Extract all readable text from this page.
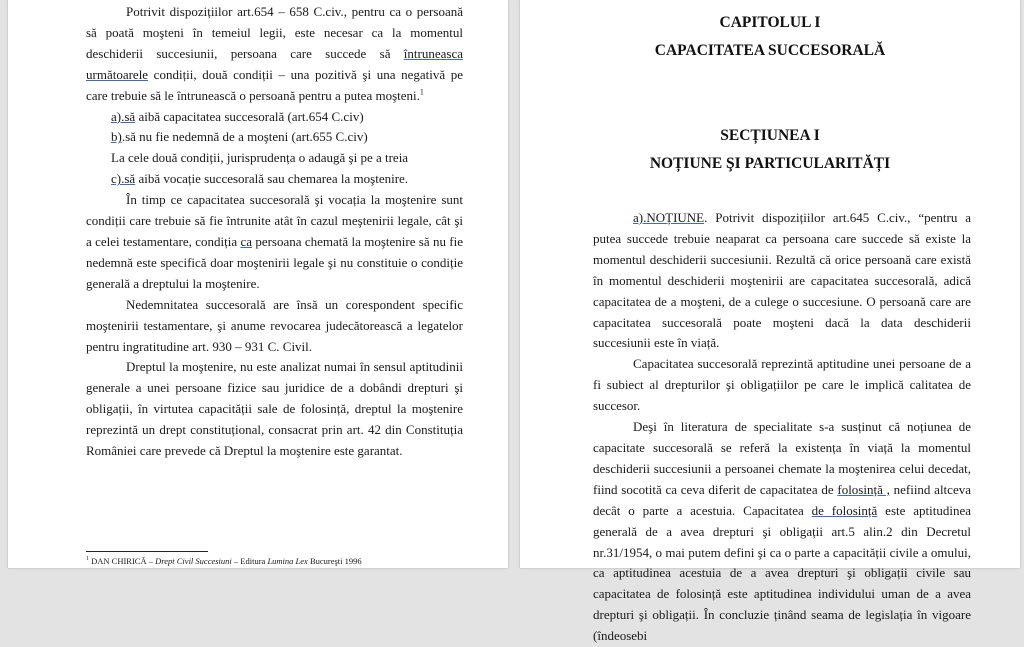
Potrivit dispozițiilor art.654 – 658 C.civ., pentru ca o persoană să poată moşteni în temeiul legii, este necesar ca la momentul deschiderii succesiunii, persoana care succede să întruneasca următoarele condiții, două condiții – una pozitivă şi una negativă pe care trebuie să le întrunească o persoană pentru a putea moşteni.$^1$

a).să aibă capacitatea succesorală (art.654 C.civ)

b).să nu fie nedemnă de a moşteni (art.655 C.civ)

La cele două condiții, jurisprudența o adaugă şi pe a treia

c).să aibă vocație succesorală sau chemarea la moştenire.

În timp ce capacitatea succesorală şi vocația la moştenire sunt condiții care trebuie să fie întrunite atât în cazul meştenirii legale, cât şi a celei testamentare, condiția ca persoana chemată la moştenire să nu fie nedemnă este specifică doar moştenirii legale şi nu constituie o condiție generală a dreptului la moştenire.

Nedemnitatea succesorală are însă un corespondent specific moştenirii testamentare, şi anume revocarea judecătorească a legatelor pentru ingratitudine art. 930 – 931 C. Civil.

Dreptul la moştenire, nu este analizat numai în sensul aptitudinii generale a unei persoane fizice sau juridice de a dobândi drepturi şi obligații, în virtutea capacității sale de folosință, dreptul la moştenire reprezintă un drept constituțional, consacrat prin art. 42 din Constituția României care prevede că Dreptul la moştenire este garantat.

$^1$ DAN CHIRICĂ – Drept Civil Succesiuni – Editura Lumina Lex Bucureşti 1996

CAPITOLUL I

CAPACITATEA SUCCESORALĂ

SECȚIUNEA I

NOȚIUNE ŞI PARTICULARITĂȚI

a).NOȚIUNE. Potrivit dispozițiilor art.645 C.civ., “pentru a putea succede trebuie neaparat ca persoana care succede să existe la momentul deschiderii succesiunii. Rezultă că orice persoană care există în momentul deschiderii moştenirii are capacitatea succesorală, adică capacitatea de a moşteni, de a culege o succesiune. O persoană care are capacitatea succesorală poate moşteni dacă la data deschiderii succesiunii este în viață.

Capacitatea succesorală reprezintă aptitudine unei persoane de a fi subiect al drepturilor şi obligațiilor pe care le implică calitatea de succesor.

Deşi în literatura de specialitate s-a susținut că noțiunea de capacitate succesorală se referă la existența în viață la momentul deschiderii succesiunii a persoanei chemate la moştenirea celui decedat, fiind socotită ca ceva diferit de capacitatea de folosință , nefiind altceva decât o parte a acestuia. Capacitatea de folosință este aptitudinea generală de a avea drepturi şi obligații art.5 alin.2 din Decretul nr.31/1954, o mai putem defini şi ca o parte a capacității civile a omului, ca aptitudinea acestuia de a avea drepturi şi obligații civile sau capacitatea de folosință este aptitudinea individului uman de a avea drepturi şi obligații. În concluzie ținând seama de legislația în vigoare (îndeosebi
